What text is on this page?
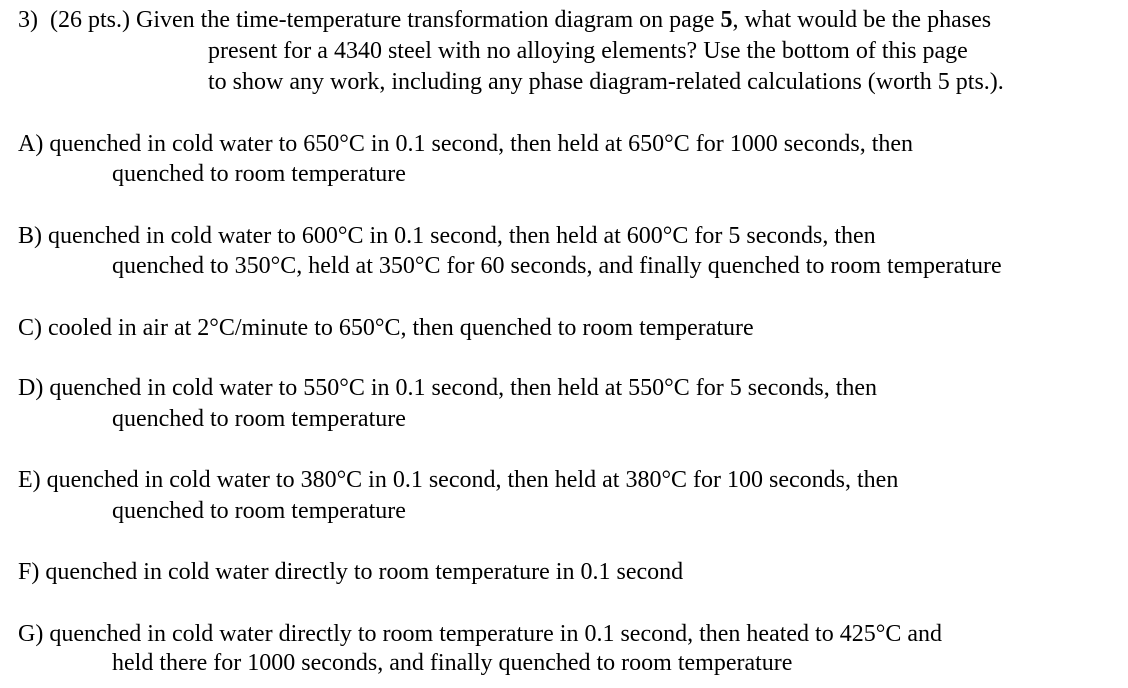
3) (26 pts.) Given the time-temperature transformation diagram on page 5, what would be the phases
present for a 4340 steel with no alloying elements? Use the bottom of this page
to show any work, including any phase diagram-related calculations (worth 5 pts.).
A) quenched in cold water to 650°C in 0.1 second, then held at 650°C for 1000 seconds, then
quenched to room temperature
B) quenched in cold water to 600°C in 0.1 second, then held at 600°C for 5 seconds, then
quenched to 350°C, held at 350°C for 60 seconds, and finally quenched to room temperature
C) cooled in air at 2°C/minute to 650°C, then quenched to room temperature
D) quenched in cold water to 550°C in 0.1 second, then held at 550°C for 5 seconds, then
quenched to room temperature
E) quenched in cold water to 380°C in 0.1 second, then held at 380°C for 100 seconds, then
quenched to room temperature
F) quenched in cold water directly to room temperature in 0.1 second
G) quenched in cold water directly to room temperature in 0.1 second, then heated to 425°C and
held there for 1000 seconds, and finally quenched to room temperature
